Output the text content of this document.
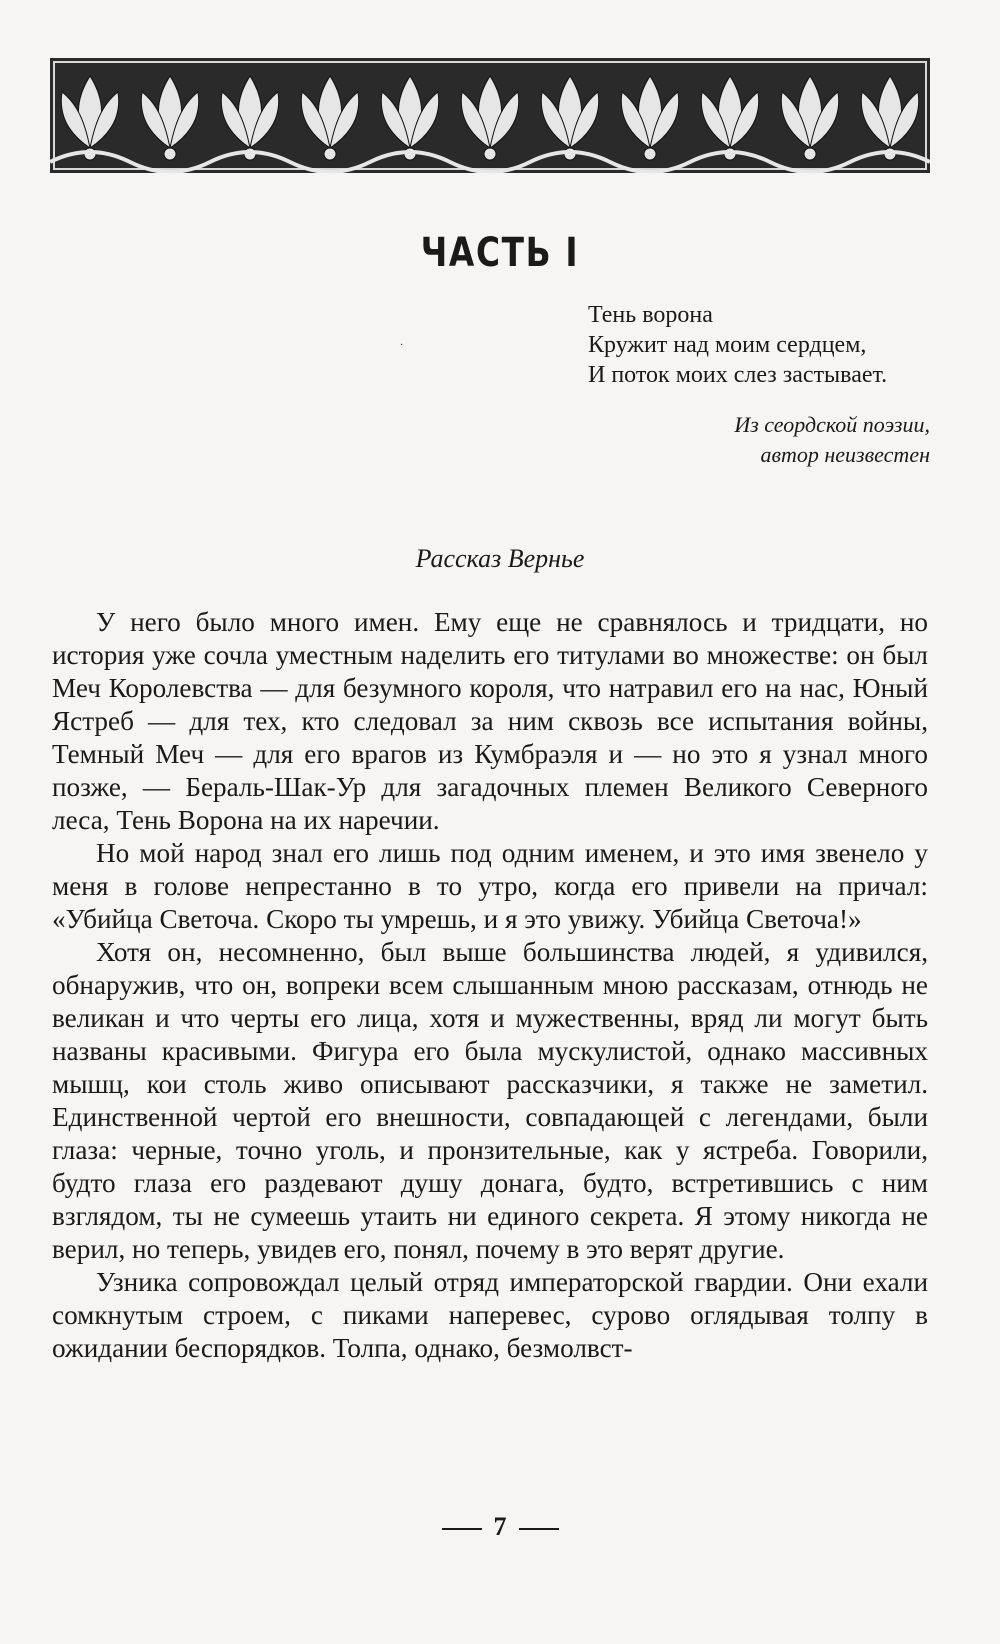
ЧАСТЬ I
·
Тень ворона
Кружит над моим сердцем,
И поток моих слез застывает.
Из сеордской поэзии,
автор неизвестен
Рассказ Верньe

У него было много имен. Ему еще не сравнялось и тридцати, но история уже сочла уместным наделить его титулами во множестве: он был Меч Королевства — для безумного короля, что натравил его на нас, Юный Ястреб — для тех, кто следовал за ним сквозь все испытания войны, Темный Меч — для его врагов из Кумбраэля и — но это я узнал много позже, — Бераль-Шак-Ур для загадочных племен Великого Северного леса, Тень Ворона на их наречии.

Но мой народ знал его лишь под одним именем, и это имя звенело у меня в голове непрестанно в то утро, когда его привели на причал: «Убийца Светоча. Скоро ты умрешь, и я это увижу. Убийца Светоча!»

Хотя он, несомненно, был выше большинства людей, я удивился, обнаружив, что он, вопреки всем слышанным мною рассказам, отнюдь не великан и что черты его лица, хотя и мужественны, вряд ли могут быть названы красивыми. Фигура его была мускулистой, однако массивных мышц, кои столь живо описывают рассказчики, я также не заметил. Единственной чертой его внешности, совпадающей с легендами, были глаза: черные, точно уголь, и пронзительные, как у ястреба. Говорили, будто глаза его раздевают душу донага, будто, встретившись с ним взглядом, ты не сумеешь утаить ни единого секрета. Я этому никогда не верил, но теперь, увидев его, понял, почему в это верят другие.

Узника сопровождал целый отряд императорской гвардии. Они ехали сомкнутым строем, с пиками наперевес, сурово оглядывая толпу в ожидании беспорядков. Толпа, однако, безмолвст-

7
